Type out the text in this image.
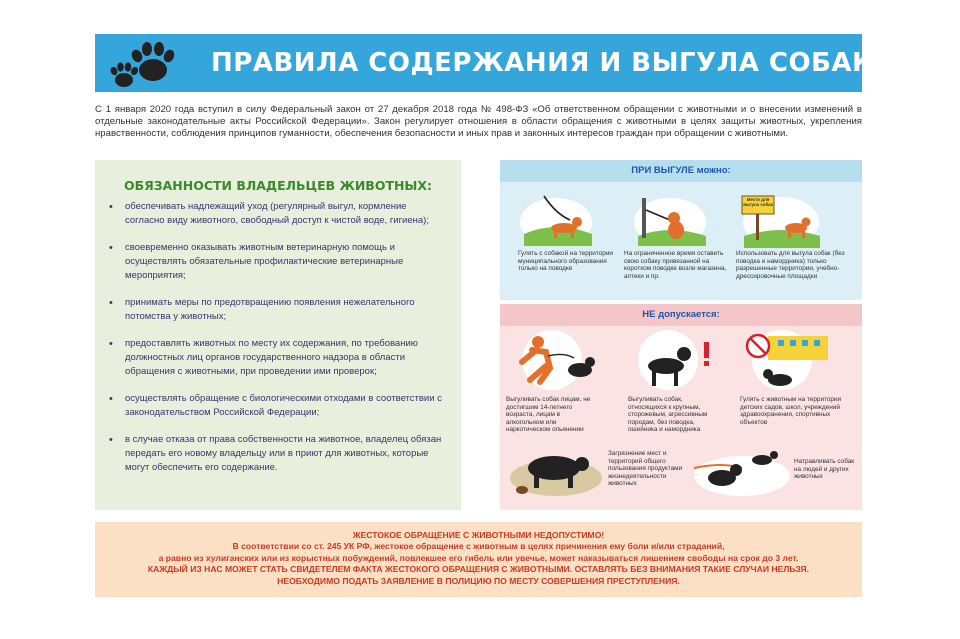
ПРАВИЛА СОДЕРЖАНИЯ И ВЫГУЛА СОБАК
С 1 января 2020 года вступил в силу Федеральный закон от 27 декабря 2018 года № 498-ФЗ «Об ответственном обращении с животными и о внесении изменений в отдельные законодательные акты Российской Федерации». Закон регулирует отношения в области обращения с животными в целях защиты животных, укрепления нравственности, соблюдения принципов гуманности, обеспечения безопасности и иных прав и законных интересов граждан при обращении с животными.
ОБЯЗАННОСТИ ВЛАДЕЛЬЦЕВ ЖИВОТНЫХ:
• обеспечивать надлежащий уход (регулярный выгул, кормление согласно виду животного, свободный доступ к чистой воде, гигиена);
• своевременно оказывать животным ветеринарную помощь и осуществлять обязательные профилактические ветеринарные мероприятия;
• принимать меры по предотвращению появления нежелательного потомства у животных;
• предоставлять животных по месту их содержания, по требованию должностных лиц органов государственного надзора в области обращения с животными, при проведении ими проверок;
• осуществлять обращение с биологическими отходами в соответствии с законодательством Российской Федерации;
• в случае отказа от права собственности на животное, владелец обязан передать его новому владельцу или в приют для животных, которые могут обеспечить его содержание.
ПРИ ВЫГУЛЕ можно:
Гулять с собакой на территории муниципального образования только на поводке
На ограниченное время оставить свою собаку привязанной на коротком поводке возле магазина, аптеки и пр.
Место для выгула собак
Использовать для выгула собак (без поводка и намордника) только разрешенные территории, учебно-дрессировочные площадки
НЕ допускается:
Выгуливать собак лицам, не достигшим 14-летнего возраста, лицам в алкогольном или наркотическом опьянении
Выгуливать собак, относящихся к крупным, сторожевым, агрессивным породам, без поводка, ошейника и намордника
Гулять с животным на территории детских садов, школ, учреждений здравоохранения, спортивных объектов
Загрязнение мест и территорий общего пользования продуктами жизнедеятельности животных
Натравливать собак на людей и других животных
ЖЕСТОКОЕ ОБРАЩЕНИЕ С ЖИВОТНЫМИ НЕДОПУСТИМО!
В соответствии со ст. 245 УК РФ, жестокое обращение с животным в целях причинения ему боли и/или страданий,
а равно из хулиганских или из корыстных побуждений, повлекшее его гибель или увечье, может наказываться лишением свободы на срок до 3 лет.
КАЖДЫЙ ИЗ НАС МОЖЕТ СТАТЬ СВИДЕТЕЛЕМ ФАКТА ЖЕСТОКОГО ОБРАЩЕНИЯ С ЖИВОТНЫМИ. ОСТАВЛЯТЬ БЕЗ ВНИМАНИЯ ТАКИЕ СЛУЧАИ НЕЛЬЗЯ.
НЕОБХОДИМО ПОДАТЬ ЗАЯВЛЕНИЕ В ПОЛИЦИЮ ПО МЕСТУ СОВЕРШЕНИЯ ПРЕСТУПЛЕНИЯ.
